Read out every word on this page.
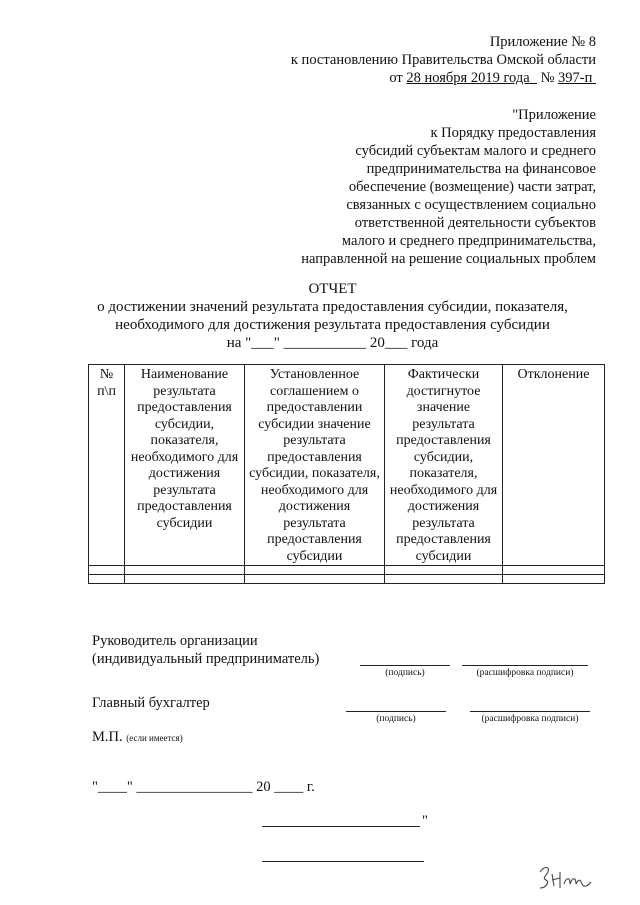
Приложение № 8
к постановлению Правительства Омской области
от 28 ноября 2019 года № 397-п
"Приложение
к Порядку предоставления
субсидий субъектам малого и среднего
предпринимательства на финансовое
обеспечение (возмещение) части затрат,
связанных с осуществлением социально
ответственной деятельности субъектов
малого и среднего предпринимательства,
направленной на решение социальных проблем
ОТЧЕТ
о достижении значений результата предоставления субсидии, показателя,
необходимого для достижения результата предоставления субсидии
на "___" ___________ 20___ года
№ п\п	Наименование результата предоставления субсидии, показателя, необходимого для достижения результата предоставления субсидии	Установленное соглашением о предоставлении субсидии значение результата предоставления субсидии, показателя, необходимого для достижения результата предоставления субсидии	Фактически достигнутое значение результата предоставления субсидии, показателя, необходимого для достижения результата предоставления субсидии	Отклонение

Руководитель организации
(индивидуальный предприниматель)
(подпись)	(расшифровка подписи)
Главный бухгалтер
(подпись)	(расшифровка подписи)
М.П. (если имеется)
"____" ________________ 20 ____ г.
"
